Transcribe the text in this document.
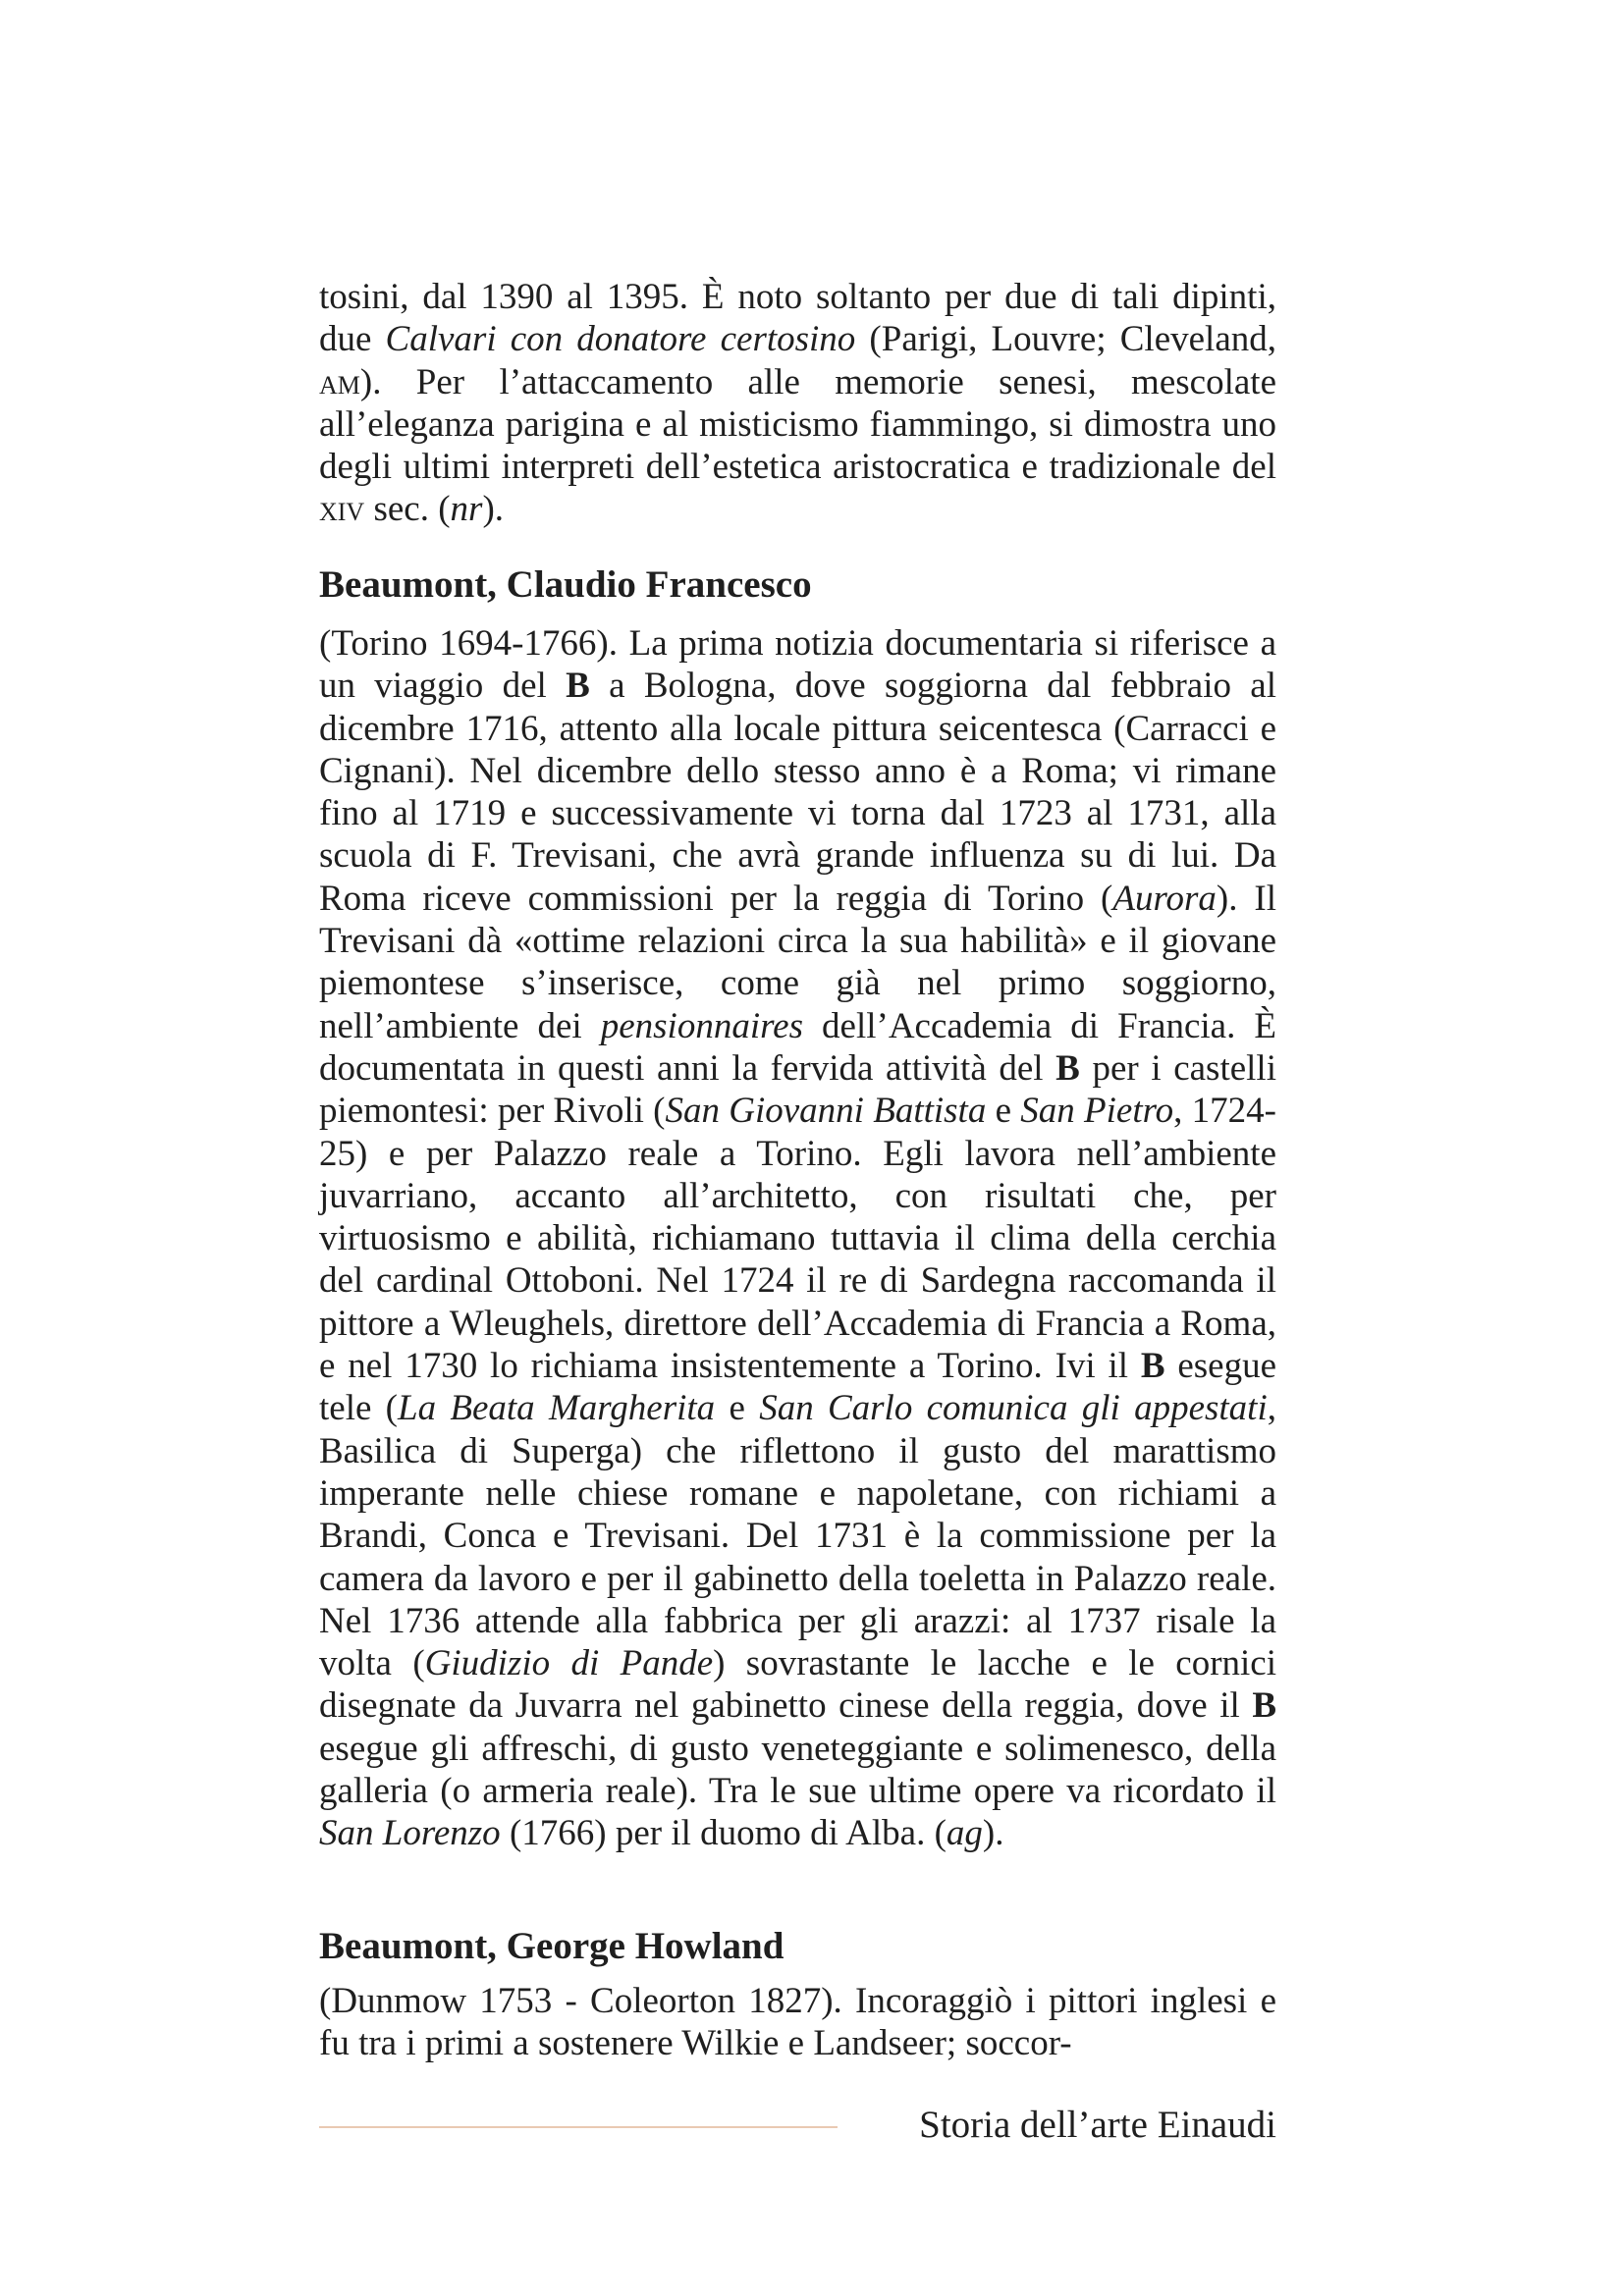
tosini, dal 1390 al 1395. È noto soltanto per due di tali dipinti, due Calvari con donatore certosino (Parigi, Louvre; Cleveland, am). Per l’attaccamento alle memorie senesi, mescolate all’eleganza parigina e al misticismo fiammingo, si dimostra uno degli ultimi interpreti dell’estetica aristocratica e tradizionale del xiv sec. (nr).

Beaumont, Claudio Francesco

(Torino 1694-1766). La prima notizia documentaria si riferisce a un viaggio del B a Bologna, dove soggiorna dal febbraio al dicembre 1716, attento alla locale pittura seicentesca (Carracci e Cignani). Nel dicembre dello stesso anno è a Roma; vi rimane fino al 1719 e successivamente vi torna dal 1723 al 1731, alla scuola di F. Trevisani, che avrà grande influenza su di lui. Da Roma riceve commissioni per la reggia di Torino (Aurora). Il Trevisani dà «ottime relazioni circa la sua habilità» e il giovane piemontese s’inserisce, come già nel primo soggiorno, nell’ambiente dei pensionnaires dell’Accademia di Francia. È documentata in questi anni la fervida attività del B per i castelli piemontesi: per Rivoli (San Giovanni Battista e San Pietro, 1724-25) e per Palazzo reale a Torino. Egli lavora nell’ambiente juvarriano, accanto all’architetto, con risultati che, per virtuosismo e abilità, richiamano tuttavia il clima della cerchia del cardinal Ottoboni. Nel 1724 il re di Sardegna raccomanda il pittore a Wleughels, direttore dell’Accademia di Francia a Roma, e nel 1730 lo richiama insistentemente a Torino. Ivi il B esegue tele (La Beata Margherita e San Carlo comunica gli appestati, Basilica di Superga) che riflettono il gusto del marattismo imperante nelle chiese romane e napoletane, con richiami a Brandi, Conca e Trevisani. Del 1731 è la commissione per la camera da lavoro e per il gabinetto della toeletta in Palazzo reale. Nel 1736 attende alla fabbrica per gli arazzi: al 1737 risale la volta (Giudizio di Pande) sovrastante le lacche e le cornici disegnate da Juvarra nel gabinetto cinese della reggia, dove il B esegue gli affreschi, di gusto veneteggiante e solimenesco, della galleria (o armeria reale). Tra le sue ultime opere va ricordato il San Lorenzo (1766) per il duomo di Alba. (ag).

Beaumont, George Howland

(Dunmow 1753 - Coleorton 1827). Incoraggiò i pittori inglesi e fu tra i primi a sostenere Wilkie e Landseer; soccor-

Storia dell’arte Einaudi
